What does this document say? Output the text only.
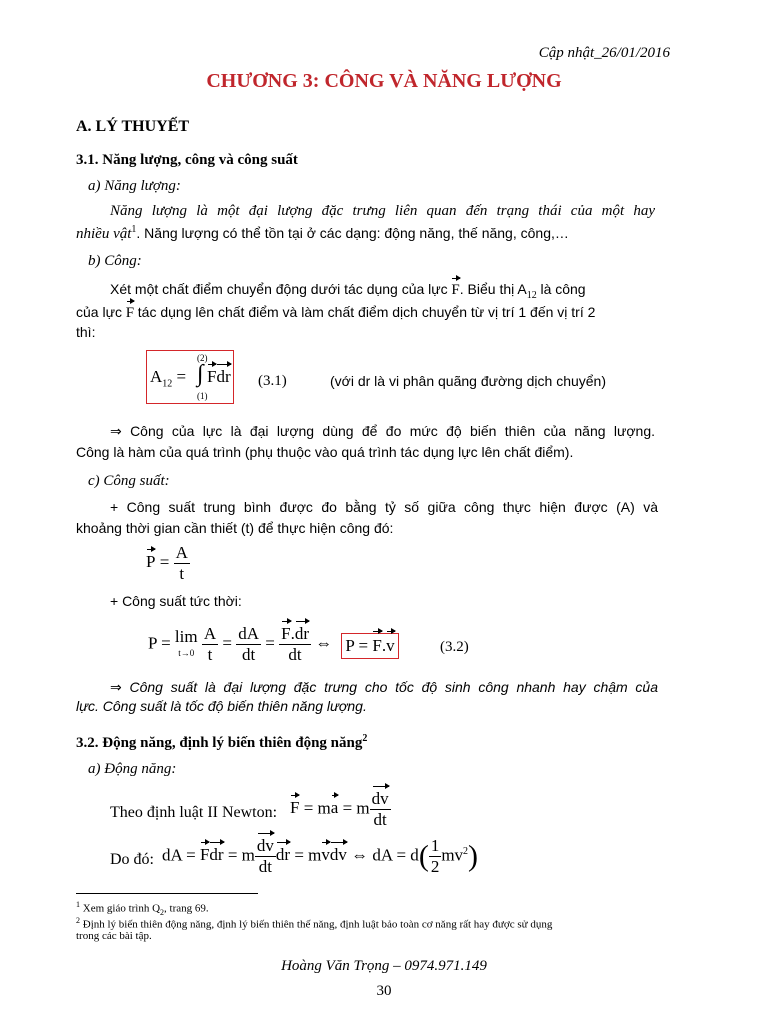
Cập nhật_26/01/2016
CHƯƠNG 3: CÔNG VÀ NĂNG LƯỢNG
A. LÝ THUYẾT
3.1. Năng lượng, công và công suất
a) Năng lượng:
Năng lượng là một đại lượng đặc trưng liên quan đến trạng thái của một hay
nhiều vật$^1$. Năng lượng có thể tồn tại ở các dạng: động năng, thế năng, công,…
b) Công:
Xét một chất điểm chuyển động dưới tác dụng của lực F. Biểu thị $A_{12}$ là công
của lực F tác dụng lên chất điểm và làm chất điểm dịch chuyển từ vị trí 1 đến vị trí 2
thì:
$A_{12}$ =
(2)
∫
(1)
Fdr (3.1)	(với dr là vi phân quãng đường dịch chuyển)
⇒ Công của lực là đại lượng dùng để đo mức độ biến thiên của năng lượng.
Công là hàm của quá trình (phụ thuộc vào quá trình tác dụng lực lên chất điểm).
c) Công suất:
+ Công suất trung bình được đo bằng tỷ số giữa công thực hiện được (A) và
khoảng thời gian cần thiết (t) để thực hiện công đó:
$P = \frac{A}{t}$
+ Công suất tức thời:
P = lim
$t\to 0 \frac{A}{t} = \frac{dA}{dt} = \frac{F.dr}{dt}$ ⇔ P = F.v	(3.2)
⇒ Công suất là đại lượng đặc trưng cho tốc độ sinh công nhanh hay chậm của
lực. Công suất là tốc độ biến thiên năng lượng.
3.2. Động năng, định lý biến thiên động năng$^2$
a) Động năng:
Theo định luật II Newton: F = ma = m $\frac{dv}{dt}$
Do đó: dA = Fdr = m $\frac{dv}{dt}$ dr = mvdv ⇔ dA = $d( \frac{1}{2} mv^2)$
$^1$ Xem giáo trình $Q_2$, trang 69.
$^2$ Định lý biến thiên động năng, định lý biến thiên thế năng, định luật bảo toàn cơ năng rất hay được sử dụng
trong các bài tập.
Hoàng Văn Trọng – 0974.971.149
30
